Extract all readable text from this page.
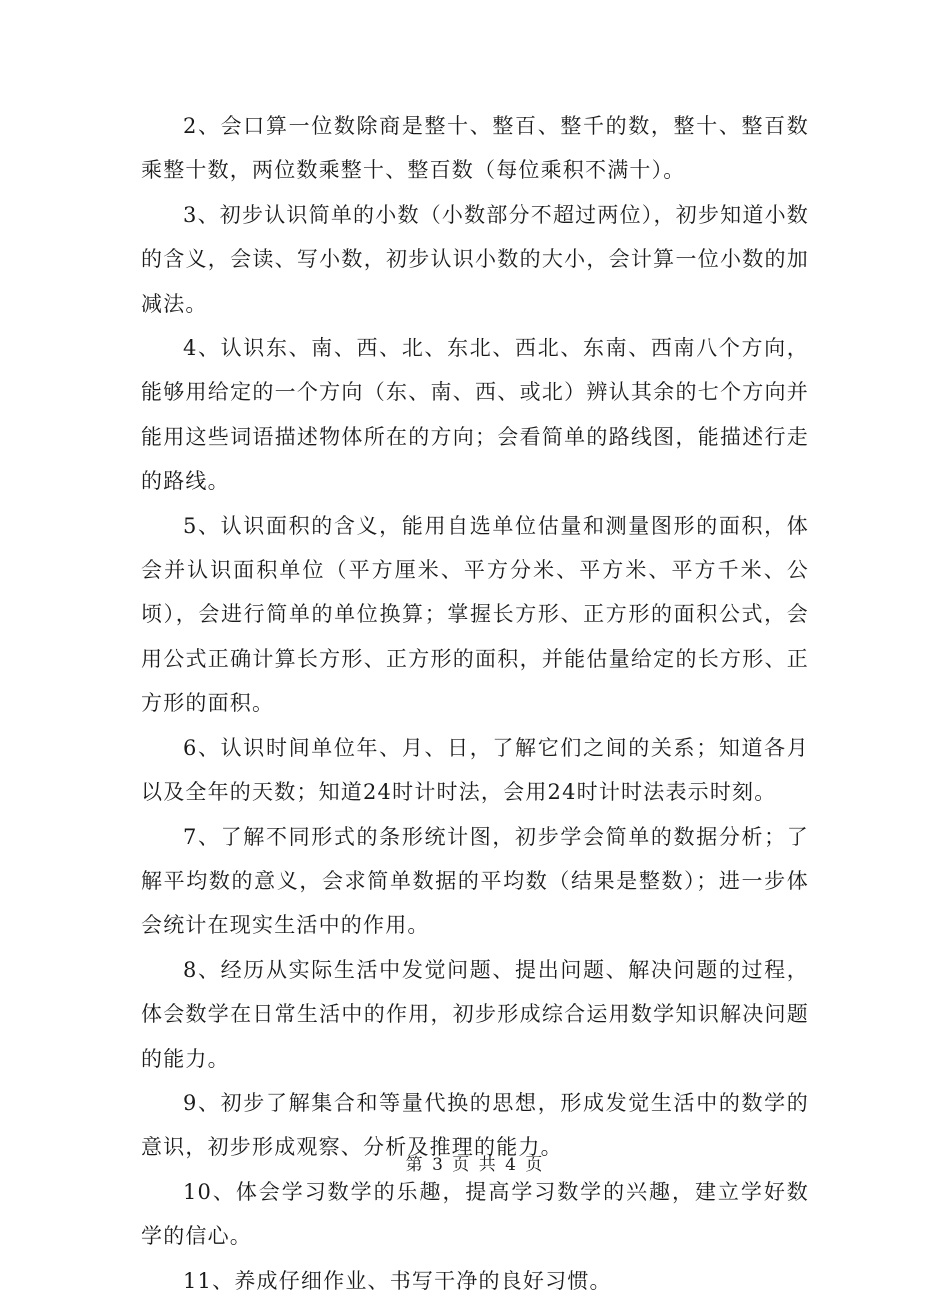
2、会口算一位数除商是整十、整百、整千的数，整十、整百数乘整十数，两位数乘整十、整百数（每位乘积不满十）。

3、初步认识简单的小数（小数部分不超过两位），初步知道小数的含义，会读、写小数，初步认识小数的大小，会计算一位小数的加减法。

4、认识东、南、西、北、东北、西北、东南、西南八个方向，能够用给定的一个方向（东、南、西、或北）辨认其余的七个方向并能用这些词语描述物体所在的方向；会看简单的路线图，能描述行走的路线。

5、认识面积的含义，能用自选单位估量和测量图形的面积，体会并认识面积单位（平方厘米、平方分米、平方米、平方千米、公顷），会进行简单的单位换算；掌握长方形、正方形的面积公式，会用公式正确计算长方形、正方形的面积，并能估量给定的长方形、正方形的面积。

6、认识时间单位年、月、日，了解它们之间的关系；知道各月以及全年的天数；知道24时计时法，会用24时计时法表示时刻。

7、了解不同形式的条形统计图，初步学会简单的数据分析；了解平均数的意义，会求简单数据的平均数（结果是整数）；进一步体会统计在现实生活中的作用。

8、经历从实际生活中发觉问题、提出问题、解决问题的过程，体会数学在日常生活中的作用，初步形成综合运用数学知识解决问题的能力。

9、初步了解集合和等量代换的思想，形成发觉生活中的数学的意识，初步形成观察、分析及推理的能力。

10、体会学习数学的乐趣，提高学习数学的兴趣，建立学好数学的信心。

11、养成仔细作业、书写干净的良好习惯。

第 3 页 共 4 页
